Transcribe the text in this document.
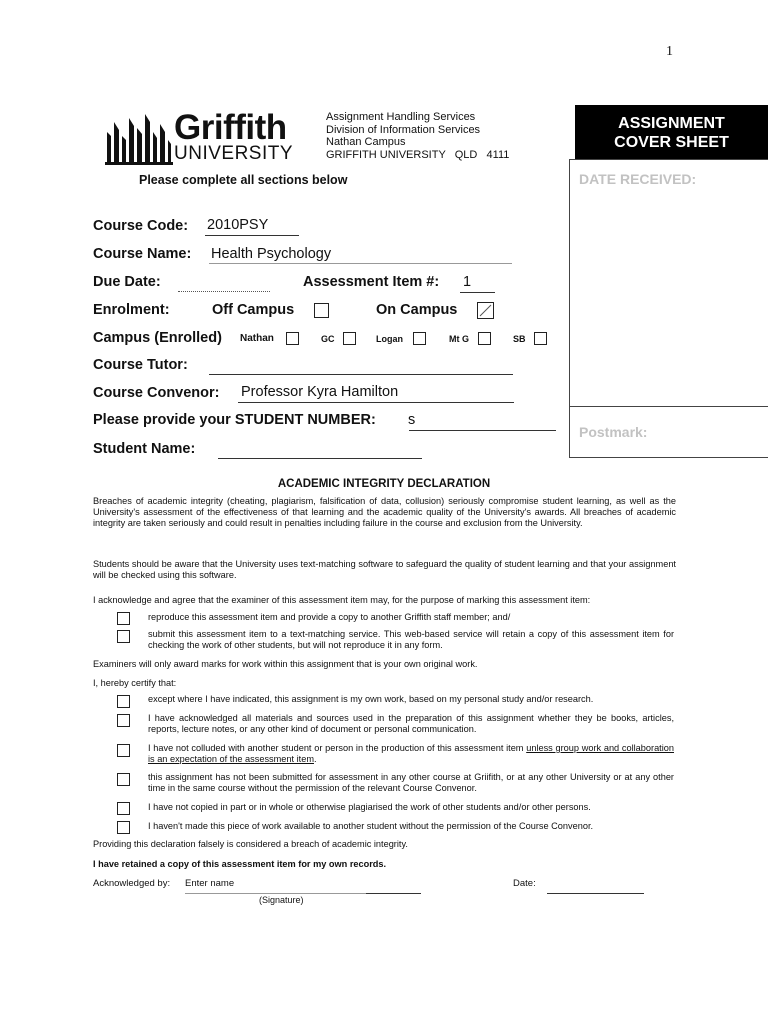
1
Griffith
UNIVERSITY
Assignment Handling Services
Division of Information Services
Nathan Campus
GRIFFITH UNIVERSITY   QLD   4111
ASSIGNMENT
COVER SHEET
DATE RECEIVED:
Postmark:
Please complete all sections below
Course Code: 2010PSY
Course Name: Health Psychology
Due Date:	Assessment Item #: 1
Enrolment:	Off Campus	On Campus
Campus (Enrolled) Nathan	GC	Logan	Mt G	SB
Course Tutor:
Course Convenor: Professor Kyra Hamilton
Please provide your STUDENT NUMBER: s
Student Name:
ACADEMIC INTEGRITY DECLARATION
Breaches of academic integrity (cheating, plagiarism, falsification of data, collusion) seriously compromise student learning, as well as the University's assessment of the effectiveness of that learning and the academic quality of the University's awards. All breaches of academic integrity are taken seriously and could result in penalties including failure in the course and exclusion from the University.
Students should be aware that the University uses text-matching software to safeguard the quality of student learning and that your assignment will be checked using this software.
I acknowledge and agree that the examiner of this assessment item may, for the purpose of marking this assessment item:
reproduce this assessment item and provide a copy to another Griffith staff member; and/
submit this assessment item to a text-matching service. This web-based service will retain a copy of this assessment item for checking the work of other students, but will not reproduce it in any form.
Examiners will only award marks for work within this assignment that is your own original work.
I, hereby certify that:
except where I have indicated, this assignment is my own work, based on my personal study and/or research.
I have acknowledged all materials and sources used in the preparation of this assignment whether they be books, articles, reports, lecture notes, or any other kind of document or personal communication.
I have not colluded with another student or person in the production of this assessment item unless group work and collaboration is an expectation of the assessment item.
this assignment has not been submitted for assessment in any other course at Griifith, or at any other University or at any other time in the same course without the permission of the relevant Course Convenor.
I have not copied in part or in whole or otherwise plagiarised the work of other students and/or other persons.
I haven't made this piece of work available to another student without the permission of the Course Convenor.
Providing this declaration falsely is considered a breach of academic integrity.
I have retained a copy of this assessment item for my own records.
Acknowledged by: Enter name
(Signature)
Date:
